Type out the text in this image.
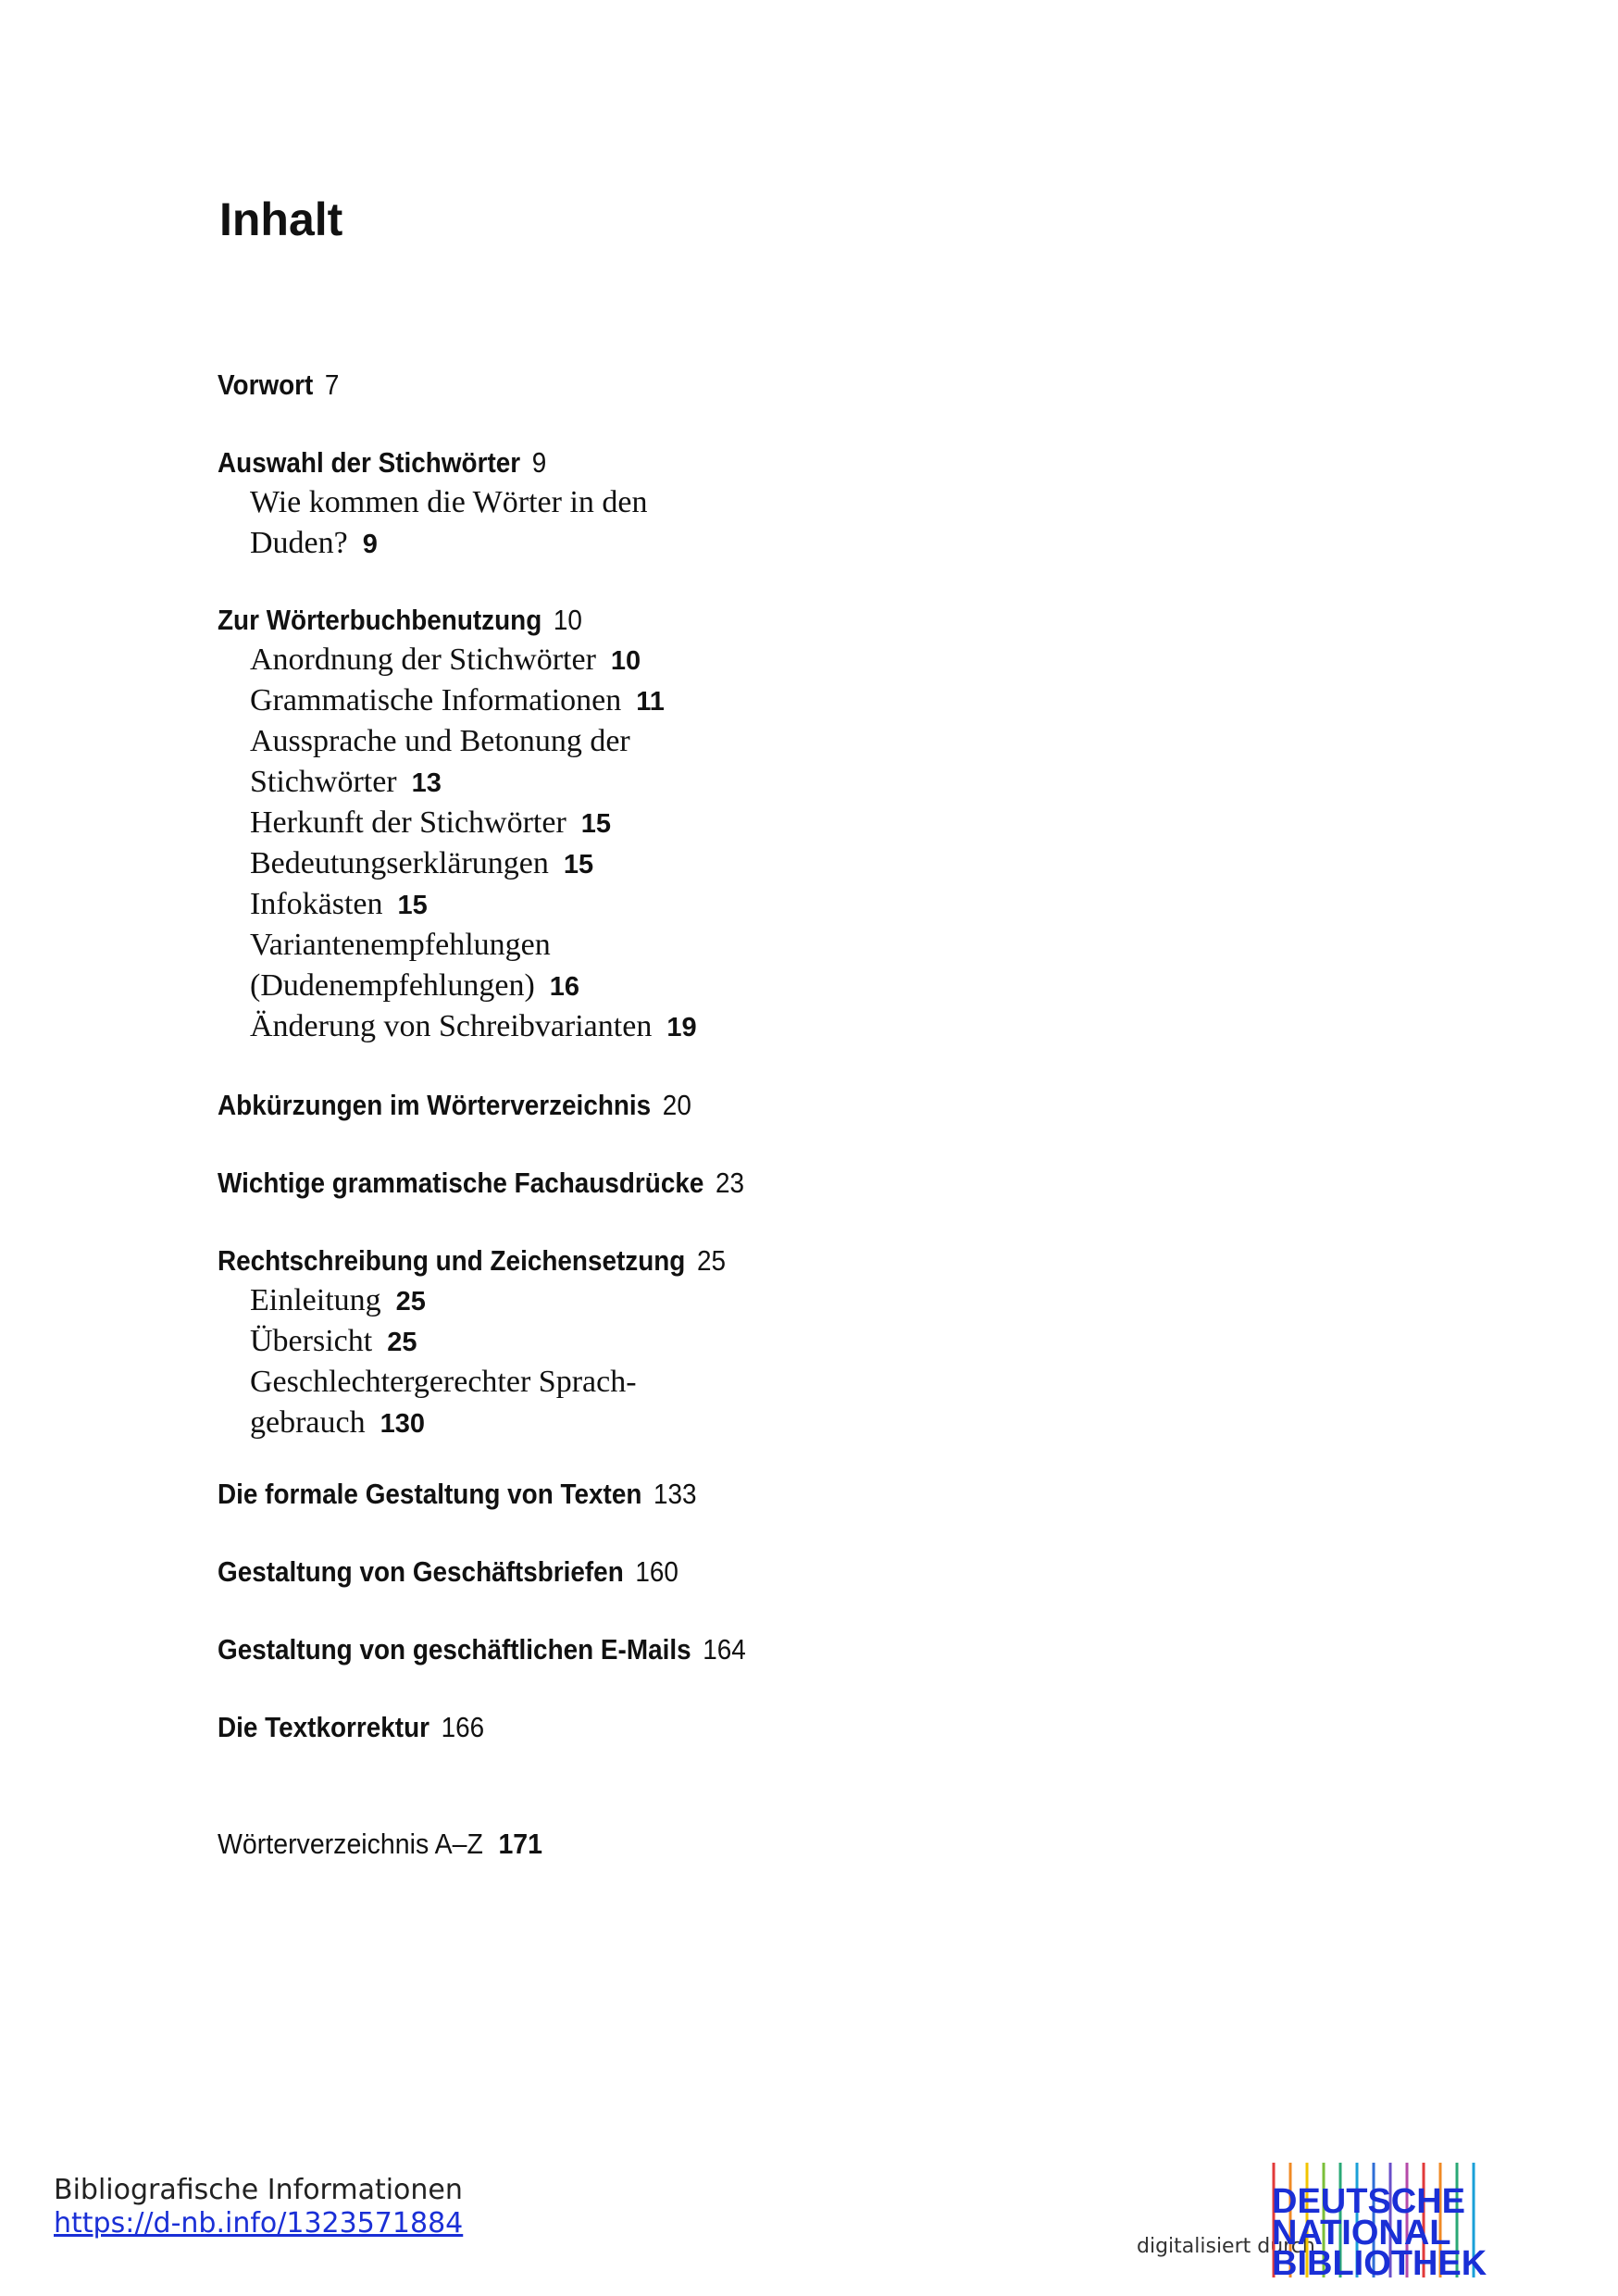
Inhalt
Vorwort 7
Auswahl der Stichwörter 9
Wie kommen die Wörter in den
Duden? 9
Zur Wörterbuchbenutzung 10
Anordnung der Stichwörter 10
Grammatische Informationen 11
Aussprache und Betonung der
Stichwörter 13
Herkunft der Stichwörter 15
Bedeutungserklärungen 15
Infokästen 15
Variantenempfehlungen
(Dudenempfehlungen) 16
Änderung von Schreibvarianten 19
Abkürzungen im Wörterverzeichnis 20
Wichtige grammatische Fachausdrücke 23
Rechtschreibung und Zeichensetzung 25
Einleitung 25
Übersicht 25
Geschlechtergerechter Sprach-
gebrauch 130
Die formale Gestaltung von Texten 133
Gestaltung von Geschäftsbriefen 160
Gestaltung von geschäftlichen E-Mails 164
Die Textkorrektur 166
Wörterverzeichnis A–Z 171
Bibliografische Informationen
https://d-nb.info/1323571884
digitalisiert durch
DEUTSCHE
NATIONAL
BIBLIOTHEK
